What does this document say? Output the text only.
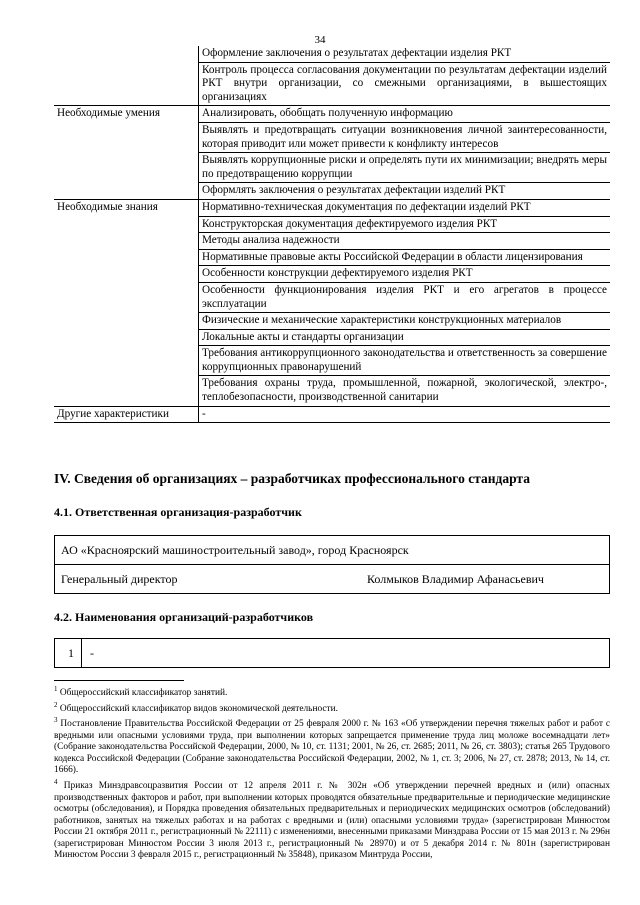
34
	Оформление заключения о результатах дефектации изделия РКТ
	Контроль процесса согласования документации по результатам дефектации изделий РКТ внутри организации, со смежными организациями, в вышестоящих организациях
Необходимые умения	Анализировать, обобщать полученную информацию
	Выявлять и предотвращать ситуации возникновения личной заинтересованности, которая приводит или может привести к конфликту интересов
	Выявлять коррупционные риски и определять пути их минимизации; внедрять меры по предотвращению коррупции
	Оформлять заключения о результатах дефектации изделий РКТ
Необходимые знания	Нормативно-техническая документация по дефектации изделий РКТ
	Конструкторская документация дефектируемого изделия РКТ
	Методы анализа надежности
	Нормативные правовые акты Российской Федерации в области лицензирования
	Особенности конструкции дефектируемого изделия РКТ
	Особенности функционирования изделия РКТ и его агрегатов в процессе эксплуатации
	Физические и механические характеристики конструкционных материалов
	Локальные акты и стандарты организации
	Требования антикоррупционного законодательства и ответственность за совершение коррупционных правонарушений
	Требования охраны труда, промышленной, пожарной, экологической, электро-, теплобезопасности, производственной санитарии
Другие характеристики	-
IV. Сведения об организациях – разработчиках профессионального стандарта
4.1. Ответственная организация-разработчик
АО «Красноярский машиностроительный завод», город Красноярск
Генеральный директор	Колмыков Владимир Афанасьевич
4.2. Наименования организаций-разработчиков
1 -

$^1$ Общероссийский классификатор занятий.

$^2$ Общероссийский классификатор видов экономической деятельности.

$^3$ Постановление Правительства Российской Федерации от 25 февраля 2000 г. № 163 «Об утверждении перечня тяжелых работ и работ с вредными или опасными условиями труда, при выполнении которых запрещается применение труда лиц моложе восемнадцати лет» (Собрание законодательства Российской Федерации, 2000, № 10, ст. 1131; 2001, № 26, ст. 2685; 2011, № 26, ст. 3803); статья 265 Трудового кодекса Российской Федерации (Собрание законодательства Российской Федерации, 2002, № 1, ст. 3; 2006, № 27, ст. 2878; 2013, № 14, ст. 1666).

$^4$ Приказ Минздравсоцразвития России от 12 апреля 2011 г. № 302н «Об утверждении перечней вредных и (или) опасных производственных факторов и работ, при выполнении которых проводятся обязательные предварительные и периодические медицинские осмотры (обследования), и Порядка проведения обязательных предварительных и периодических медицинских осмотров (обследований) работников, занятых на тяжелых работах и на работах с вредными и (или) опасными условиями труда» (зарегистрирован Минюстом России 21 октября 2011 г., регистрационный № 22111) с изменениями, внесенными приказами Минздрава России от 15 мая 2013 г. № 296н (зарегистрирован Минюстом России 3 июля 2013 г., регистрационный № 28970) и от 5 декабря 2014 г. № 801н (зарегистрирован Минюстом России 3 февраля 2015 г., регистрационный № 35848), приказом Минтруда России,
